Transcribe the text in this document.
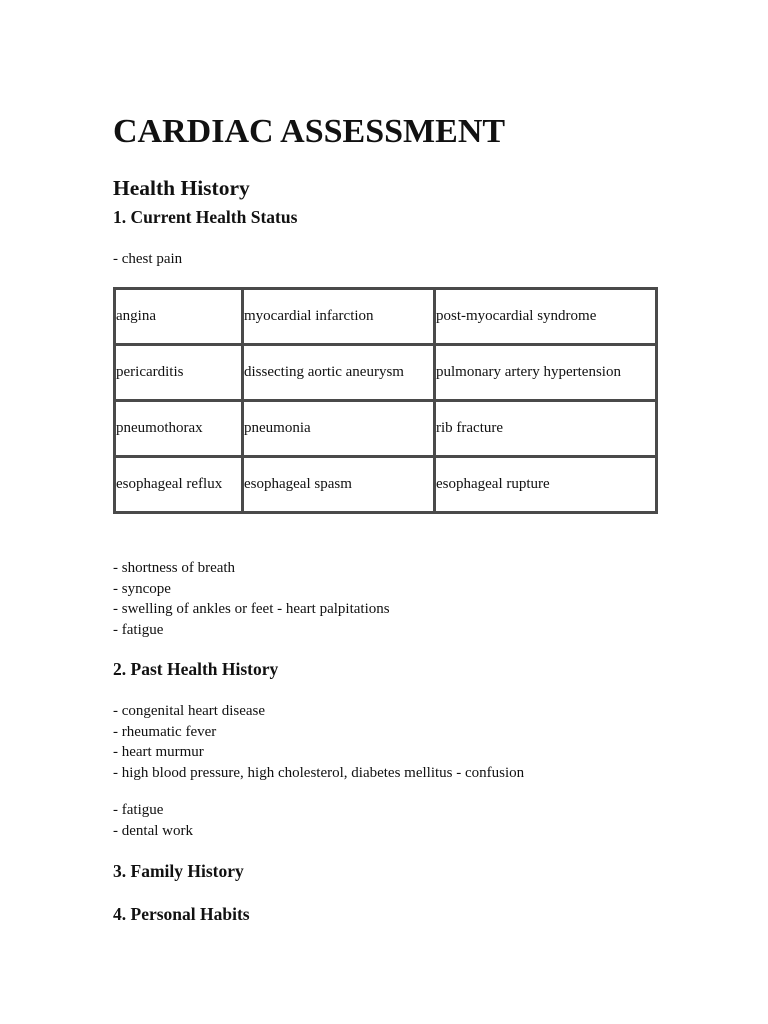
CARDIAC ASSESSMENT
Health History
1. Current Health Status

- chest pain

angina	myocardial infarction	post-myocardial syndrome
pericarditis	dissecting aortic aneurysm	pulmonary artery hypertension
pneumothorax	pneumonia	rib fracture
esophageal reflux	esophageal spasm	esophageal rupture
- shortness of breath
- syncope
- swelling of ankles or feet - heart palpitations
- fatigue
2. Past Health History
- congenital heart disease
- rheumatic fever
- heart murmur
- high blood pressure, high cholesterol, diabetes mellitus - confusion
- fatigue
- dental work
3. Family History
4. Personal Habits
